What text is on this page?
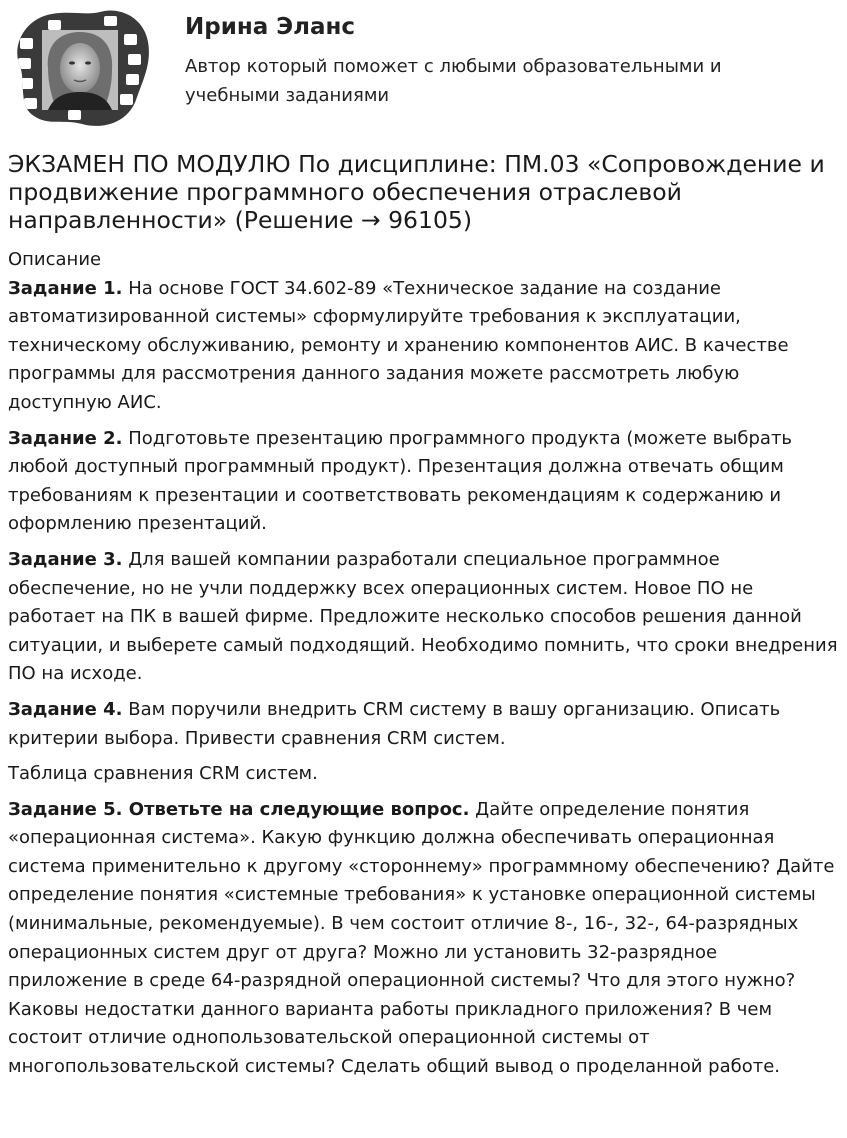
Ирина Эланс
Автор который поможет с любыми образовательными и учебными заданиями
ЭКЗАМЕН ПО МОДУЛЮ По дисциплине: ПМ.03 «Сопровождение и продвижение программного обеспечения отраслевой направленности» (Решение → 96105)

Описание

Задание 1. На основе ГОСТ 34.602-89 «Техническое задание на создание автоматизированной системы» сформулируйте требования к эксплуатации, техническому обслуживанию, ремонту и хранению компонентов АИС. В качестве программы для рассмотрения данного задания можете рассмотреть любую доступную АИС.

Задание 2. Подготовьте презентацию программного продукта (можете выбрать любой доступный программный продукт). Презентация должна отвечать общим требованиям к презентации и соответствовать рекомендациям к содержанию и оформлению презентаций.

Задание 3. Для вашей компании разработали специальное программное обеспечение, но не учли поддержку всех операционных систем. Новое ПО не работает на ПК в вашей фирме. Предложите несколько способов решения данной ситуации, и выберете самый подходящий. Необходимо помнить, что сроки внедрения ПО на исходе.

Задание 4. Вам поручили внедрить CRM систему в вашу организацию. Описать критерии выбора. Привести сравнения CRM систем.

Таблица сравнения CRM систем.

Задание 5. Ответьте на следующие вопрос. Дайте определение понятия «операционная система». Какую функцию должна обеспечивать операционная система применительно к другому «стороннему» программному обеспечению? Дайте определение понятия «системные требования» к установке операционной системы (минимальные, рекомендуемые). В чем состоит отличие 8-, 16-, 32-, 64-разрядных операционных систем друг от друга? Можно ли установить 32-разрядное приложение в среде 64-разрядной операционной системы? Что для этого нужно? Каковы недостатки данного варианта работы прикладного приложения? В чем состоит отличие однопользовательской операционной системы от многопользовательской системы? Сделать общий вывод о проделанной работе.
